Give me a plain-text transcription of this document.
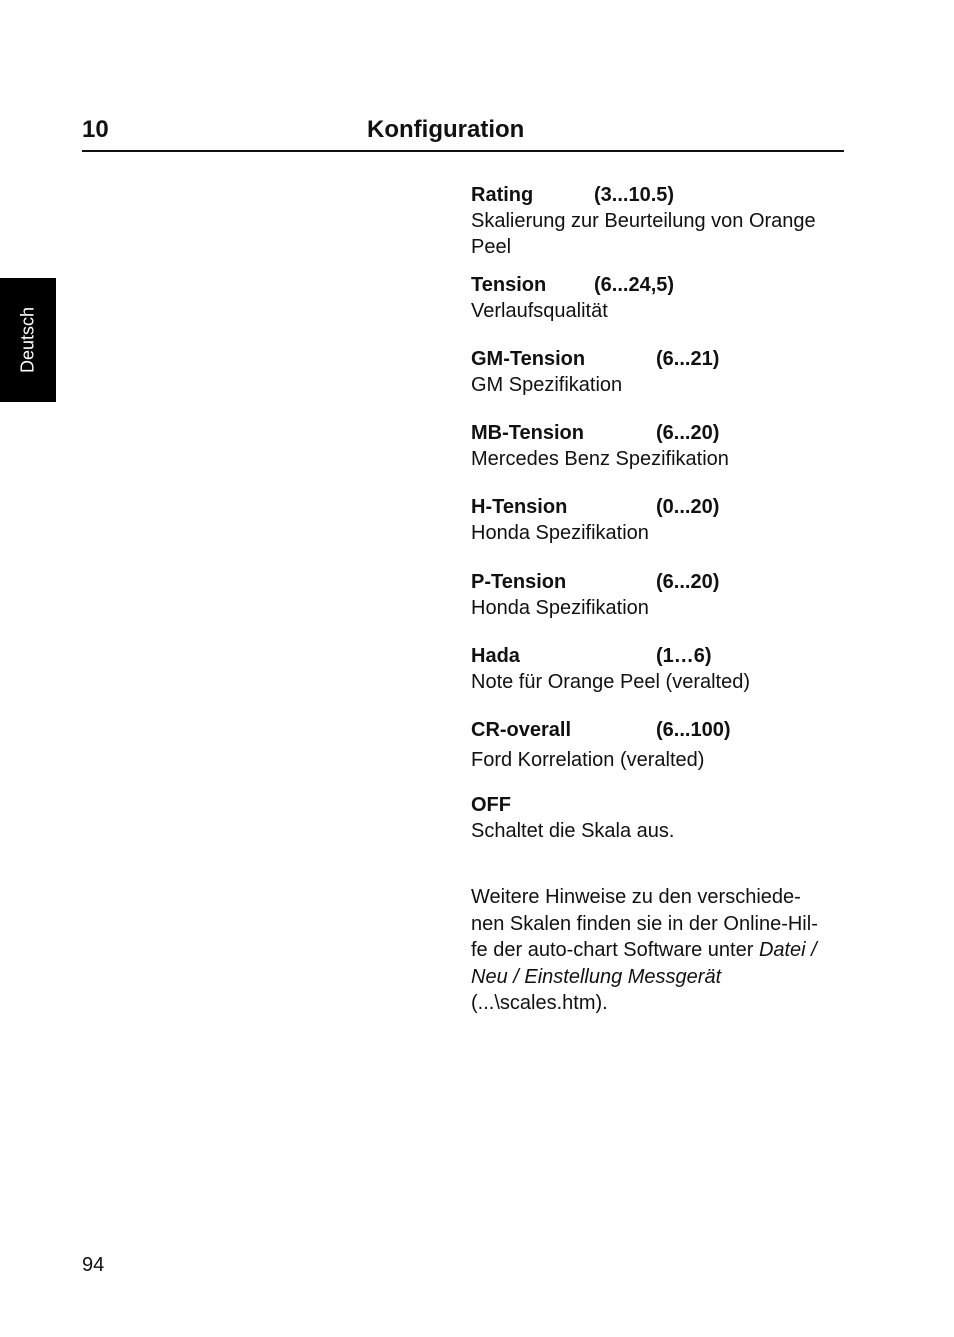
10	Konfiguration
Deutsch
Rating	(3...10.5)
Skalierung zur Beurteilung von Orange
Peel
Tension (6...24,5)
Verlaufsqualität
GM-Tension	(6...21)
GM Spezifikation
MB-Tension	(6...20)
Mercedes Benz Spezifikation
H-Tension	(0...20)
Honda Spezifikation
P-Tension	(6...20)
Honda Spezifikation
Hada	(1…6)
Note für Orange Peel (veralted)
CR-overall	(6...100)
Ford Korrelation (veralted)
OFF
Schaltet die Skala aus.
Weitere Hinweise zu den verschiede-
nen Skalen finden sie in der Online-Hil-
fe der auto-chart Software unter Datei /
Neu / Einstellung Messgerät
(...\scales.htm).
94
